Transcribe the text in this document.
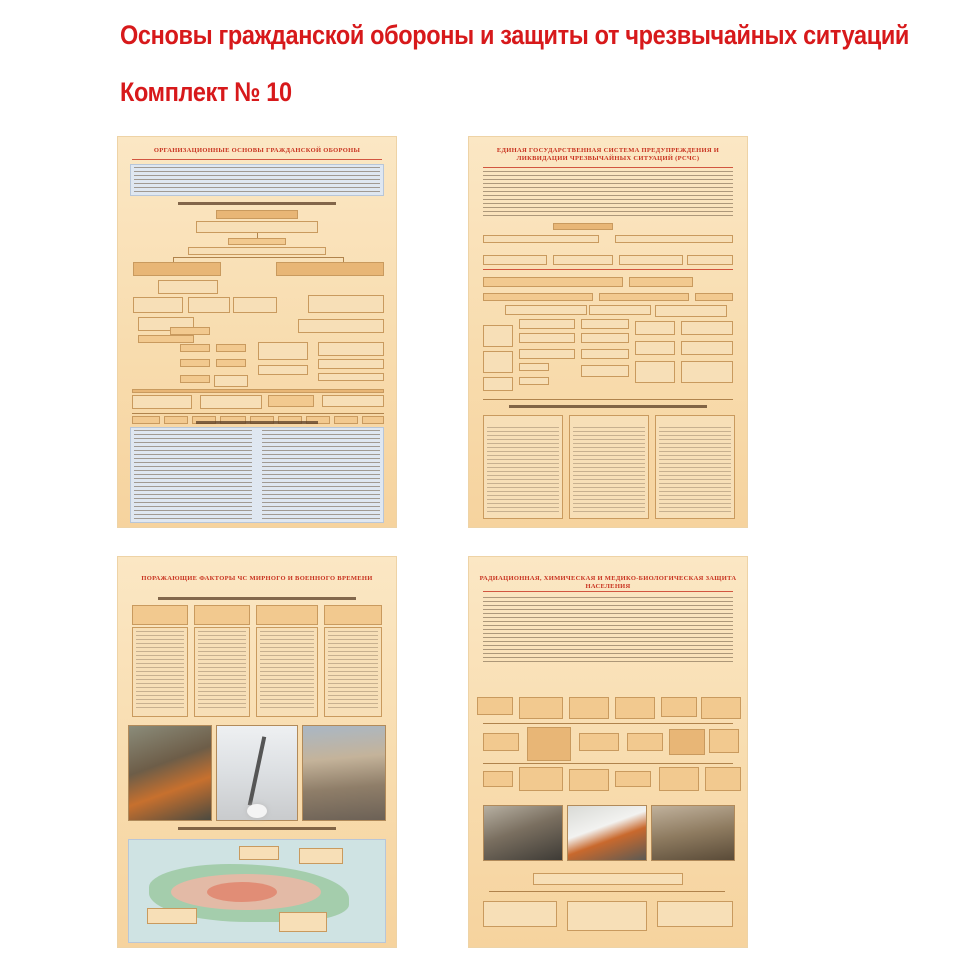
Основы гражданской обороны и защиты от чрезвычайных ситуаций
Комплект № 10
ОРГАНИЗАЦИОННЫЕ ОСНОВЫ ГРАЖДАНСКОЙ ОБОРОНЫ	ЕДИНАЯ ГОСУДАРСТВЕННАЯ СИСТЕМА ПРЕДУПРЕЖДЕНИЯ И ЛИКВИДАЦИИ ЧРЕЗВЫЧАЙНЫХ СИТУАЦИЙ (РСЧС)
ПОРАЖАЮЩИЕ ФАКТОРЫ ЧС МИРНОГО И ВОЕННОГО ВРЕМЕНИ	РАДИАЦИОННАЯ, ХИМИЧЕСКАЯ И МЕДИКО-БИОЛОГИЧЕСКАЯ ЗАЩИТА НАСЕЛЕНИЯ
